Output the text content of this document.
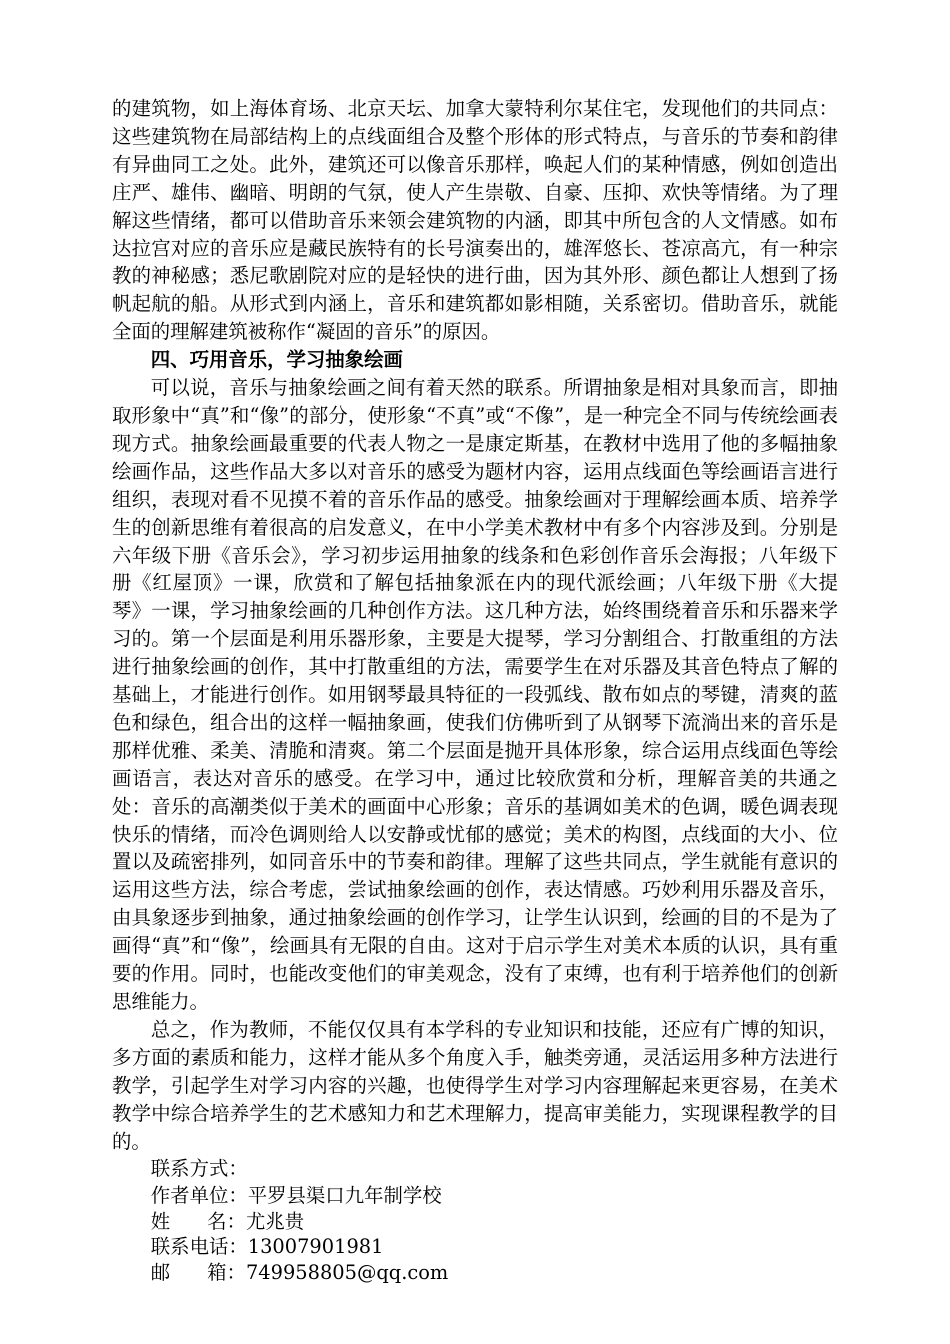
的建筑物，如上海体育场、北京天坛、加拿大蒙特利尔某住宅，发现他们的共同点：这些建筑物在局部结构上的点线面组合及整个形体的形式特点，与音乐的节奏和韵律有异曲同工之处。此外，建筑还可以像音乐那样，唤起人们的某种情感，例如创造出庄严、雄伟、幽暗、明朗的气氛，使人产生崇敬、自豪、压抑、欢快等情绪。为了理解这些情绪，都可以借助音乐来领会建筑物的内涵，即其中所包含的人文情感。如布达拉宫对应的音乐应是藏民族特有的长号演奏出的，雄浑悠长、苍凉高亢，有一种宗教的神秘感；悉尼歌剧院对应的是轻快的进行曲，因为其外形、颜色都让人想到了扬帆起航的船。从形式到内涵上，音乐和建筑都如影相随，关系密切。借助音乐，就能全面的理解建筑被称作“凝固的音乐”的原因。

四、巧用音乐，学习抽象绘画

可以说，音乐与抽象绘画之间有着天然的联系。所谓抽象是相对具象而言，即抽取形象中“真”和“像”的部分，使形象“不真”或“不像”，是一种完全不同与传统绘画表现方式。抽象绘画最重要的代表人物之一是康定斯基，在教材中选用了他的多幅抽象绘画作品，这些作品大多以对音乐的感受为题材内容，运用点线面色等绘画语言进行组织，表现对看不见摸不着的音乐作品的感受。抽象绘画对于理解绘画本质、培养学生的创新思维有着很高的启发意义，在中小学美术教材中有多个内容涉及到。分别是六年级下册《音乐会》，学习初步运用抽象的线条和色彩创作音乐会海报；八年级下册《红屋顶》一课，欣赏和了解包括抽象派在内的现代派绘画；八年级下册《大提琴》一课，学习抽象绘画的几种创作方法。这几种方法，始终围绕着音乐和乐器来学习的。第一个层面是利用乐器形象，主要是大提琴，学习分割组合、打散重组的方法进行抽象绘画的创作，其中打散重组的方法，需要学生在对乐器及其音色特点了解的基础上，才能进行创作。如用钢琴最具特征的一段弧线、散布如点的琴键，清爽的蓝色和绿色，组合出的这样一幅抽象画，使我们仿佛听到了从钢琴下流淌出来的音乐是那样优雅、柔美、清脆和清爽。第二个层面是抛开具体形象，综合运用点线面色等绘画语言，表达对音乐的感受。在学习中，通过比较欣赏和分析，理解音美的共通之处：音乐的高潮类似于美术的画面中心形象；音乐的基调如美术的色调，暖色调表现快乐的情绪，而冷色调则给人以安静或忧郁的感觉；美术的构图，点线面的大小、位置以及疏密排列，如同音乐中的节奏和韵律。理解了这些共同点，学生就能有意识的运用这些方法，综合考虑，尝试抽象绘画的创作，表达情感。巧妙利用乐器及音乐，由具象逐步到抽象，通过抽象绘画的创作学习，让学生认识到，绘画的目的不是为了画得“真”和“像”，绘画具有无限的自由。这对于启示学生对美术本质的认识，具有重要的作用。同时，也能改变他们的审美观念，没有了束缚，也有利于培养他们的创新思维能力。

总之，作为教师，不能仅仅具有本学科的专业知识和技能，还应有广博的知识，多方面的素质和能力，这样才能从多个角度入手，触类旁通，灵活运用多种方法进行教学，引起学生对学习内容的兴趣，也使得学生对学习内容理解起来更容易，在美术教学中综合培养学生的艺术感知力和艺术理解力，提高审美能力，实现课程教学的目的。

联系方式：
作者单位：平罗县渠口九年制学校
姓      名：尤兆贵
联系电话：13007901981
邮      箱：749958805@qq.com
